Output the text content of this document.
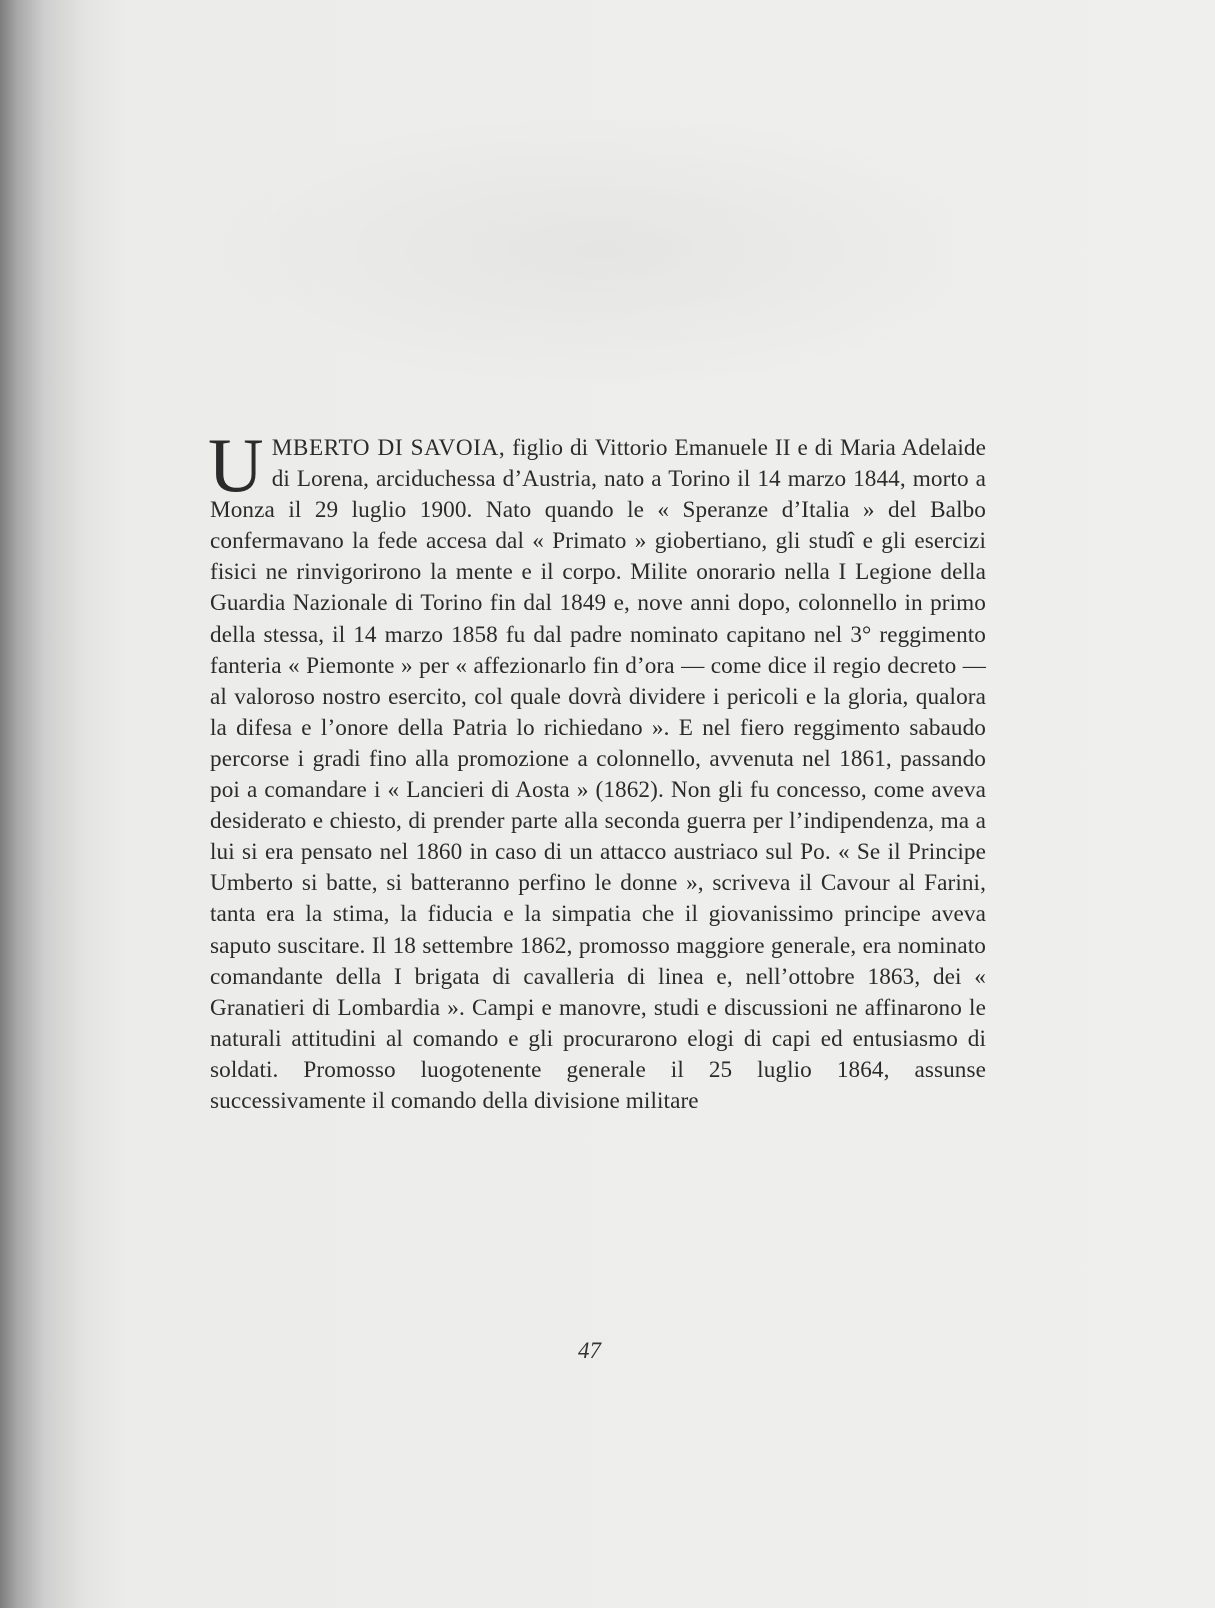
UMBERTO DI SAVOIA, figlio di Vittorio Emanuele II e di Maria Adelaide di Lorena, arciduchessa d’Austria, nato a Torino il 14 marzo 1844, morto a Monza il 29 luglio 1900. Nato quando le « Speranze d’Italia » del Balbo confermavano la fede accesa dal « Primato » giobertiano, gli studî e gli esercizi fisici ne rinvigorirono la mente e il corpo. Milite onorario nella I Legione della Guardia Nazionale di Torino fin dal 1849 e, nove anni dopo, colonnello in primo della stessa, il 14 marzo 1858 fu dal padre nominato capitano nel 3° reggimento fanteria « Piemonte » per « affezionarlo fin d’ora — come dice il regio decreto — al valoroso nostro esercito, col quale dovrà dividere i pericoli e la gloria, qualora la difesa e l’onore della Patria lo richiedano ». E nel fiero reggimento sabaudo percorse i gradi fino alla promozione a colonnello, avvenuta nel 1861, passando poi a comandare i « Lancieri di Aosta » (1862). Non gli fu concesso, come aveva desiderato e chiesto, di prender parte alla seconda guerra per l’indipendenza, ma a lui si era pensato nel 1860 in caso di un attacco austriaco sul Po. « Se il Principe Umberto si batte, si batteranno perfino le donne », scriveva il Cavour al Farini, tanta era la stima, la fiducia e la simpatia che il giovanissimo principe aveva saputo suscitare. Il 18 settembre 1862, promosso maggiore generale, era nominato comandante della I brigata di cavalleria di linea e, nell’ottobre 1863, dei « Granatieri di Lombardia ». Campi e manovre, studi e discussioni ne affinarono le naturali attitudini al comando e gli procurarono elogi di capi ed entusiasmo di soldati. Promosso luogotenente generale il 25 luglio 1864, assunse successivamente il comando della divisione militare

47
